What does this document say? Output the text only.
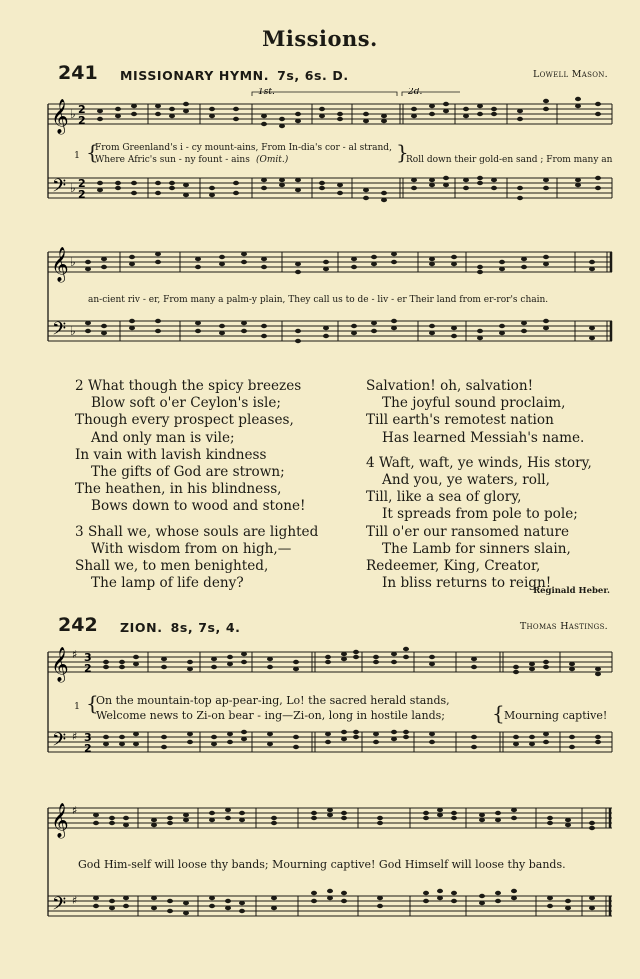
Missions.
241 MISSIONARY HYMN. 7s, 6s. D.	Lowell Mason.
1st.	2d.
𝄞
𝄢
♭
♭
2
2
2
2
{
1
From Greenland's i - cy mount-ains, From In-dia's cor - al strand,
Where Afric's sun - ny fount - ains (Omit.)	}
Roll down their gold-en sand ; From many an
𝄞
𝄢
♭
♭
an-cient riv - er, From many a palm-y plain, They call us to de - liv - er Their land from er-ror's chain.
2 What though the spicy breezes
Blow soft o'er Ceylon's isle;
Though every prospect pleases,
And only man is vile;
In vain with lavish kindness
The gifts of God are strown;
The heathen, in his blindness,
Bows down to wood and stone!
3 Shall we, whose souls are lighted
With wisdom from on high,—
Shall we, to men benighted,
The lamp of life deny?
Salvation! oh, salvation!
The joyful sound proclaim,
Till earth's remotest nation
Has learned Messiah's name.
4 Waft, waft, ye winds, His story,
And you, ye waters, roll,
Till, like a sea of glory,
It spreads from pole to pole;
Till o'er our ransomed nature
The Lamb for sinners slain,
Redeemer, King, Creator,
In bliss returns to reign!
Reginald Heber.
242 ZION. 8s, 7s, 4.	Thomas Hastings.
𝄞
𝄢
♯
♯
3
2
3
2
{
1 On the mountain-top ap-pear-ing, Lo! the sacred herald stands,
Welcome news to Zi-on bear - ing—Zi-on, long in hostile lands; { Mourning captive!
𝄞
𝄢
♯
♯
God Him-self will loose thy bands; Mourning captive! God Himself will loose thy bands.
